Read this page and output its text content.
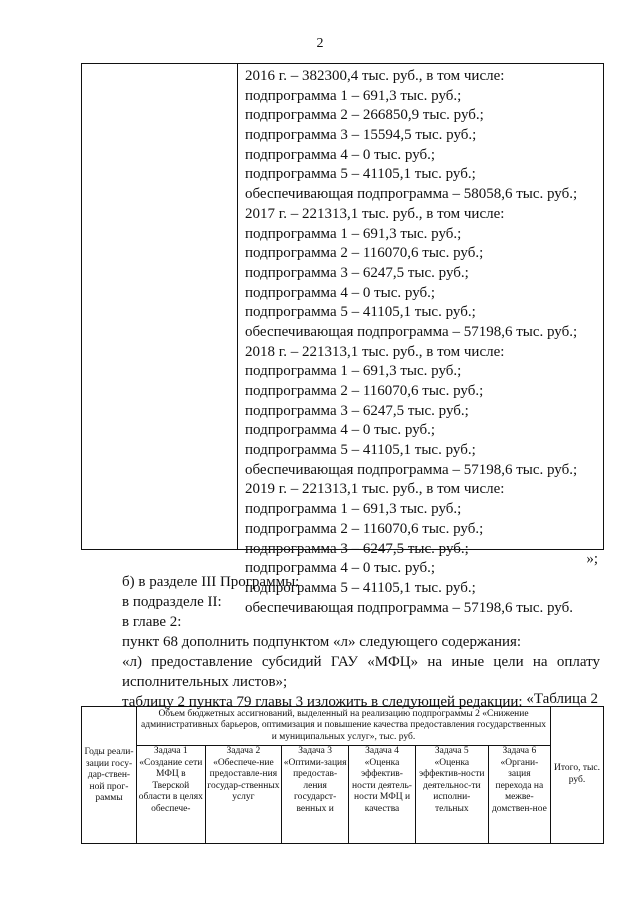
2
2016 г. – 382300,4 тыс. руб., в том числе:
подпрограмма 1 – 691,3 тыс. руб.;
подпрограмма 2 – 266850,9 тыс. руб.;
подпрограмма 3 – 15594,5 тыс. руб.;
подпрограмма 4 – 0 тыс. руб.;
подпрограмма 5 – 41105,1 тыс. руб.;
обеспечивающая подпрограмма – 58058,6 тыс. руб.;
2017 г. – 221313,1 тыс. руб., в том числе:
подпрограмма 1 – 691,3 тыс. руб.;
подпрограмма 2 – 116070,6 тыс. руб.;
подпрограмма 3 – 6247,5 тыс. руб.;
подпрограмма 4 – 0 тыс. руб.;
подпрограмма 5 – 41105,1 тыс. руб.;
обеспечивающая подпрограмма – 57198,6 тыс. руб.;
2018 г. – 221313,1 тыс. руб., в том числе:
подпрограмма 1 – 691,3 тыс. руб.;
подпрограмма 2 – 116070,6 тыс. руб.;
подпрограмма 3 – 6247,5 тыс. руб.;
подпрограмма 4 – 0 тыс. руб.;
подпрограмма 5 – 41105,1 тыс. руб.;
обеспечивающая подпрограмма – 57198,6 тыс. руб.;
2019 г. – 221313,1 тыс. руб., в том числе:
подпрограмма 1 – 691,3 тыс. руб.;
подпрограмма 2 – 116070,6 тыс. руб.;
подпрограмма 3 – 6247,5 тыс. руб.;
подпрограмма 4 – 0 тыс. руб.;
подпрограмма 5 – 41105,1 тыс. руб.;
обеспечивающая подпрограмма – 57198,6 тыс. руб.
»;
б) в разделе III Программы:
в подразделе II:
в главе 2:
пункт 68 дополнить подпунктом «л» следующего содержания:
«л) предоставление субсидий ГАУ «МФЦ» на иные цели на оплату исполнительных листов»;
таблицу 2 пункта 79 главы 3 изложить в следующей редакции: «Таблица 2
Годы реали-зации госу-дар-ствен-ной прог-раммы	Объем бюджетных ассигнований, выделенный на реализацию подпрограммы 2 «Снижение административных барьеров, оптимизация и повышение качества предоставления государственных и муниципальных услуг», тыс. руб.						Итого, тыс. руб.
	Задача 1 «Создание сети МФЦ в Тверской области в целях обеспече-	Задача 2 «Обеспече-ние предоставле-ния государ-ственных услуг	Задача 3 «Оптими-зация предостав-ления государст-венных и	Задача 4 «Оценка эффектив-ности деятель-ности МФЦ и качества	Задача 5 «Оценка эффектив-ности деятельнос-ти исполни-тельных	Задача 6 «Органи-зация перехода на межве-домствен-ное	
